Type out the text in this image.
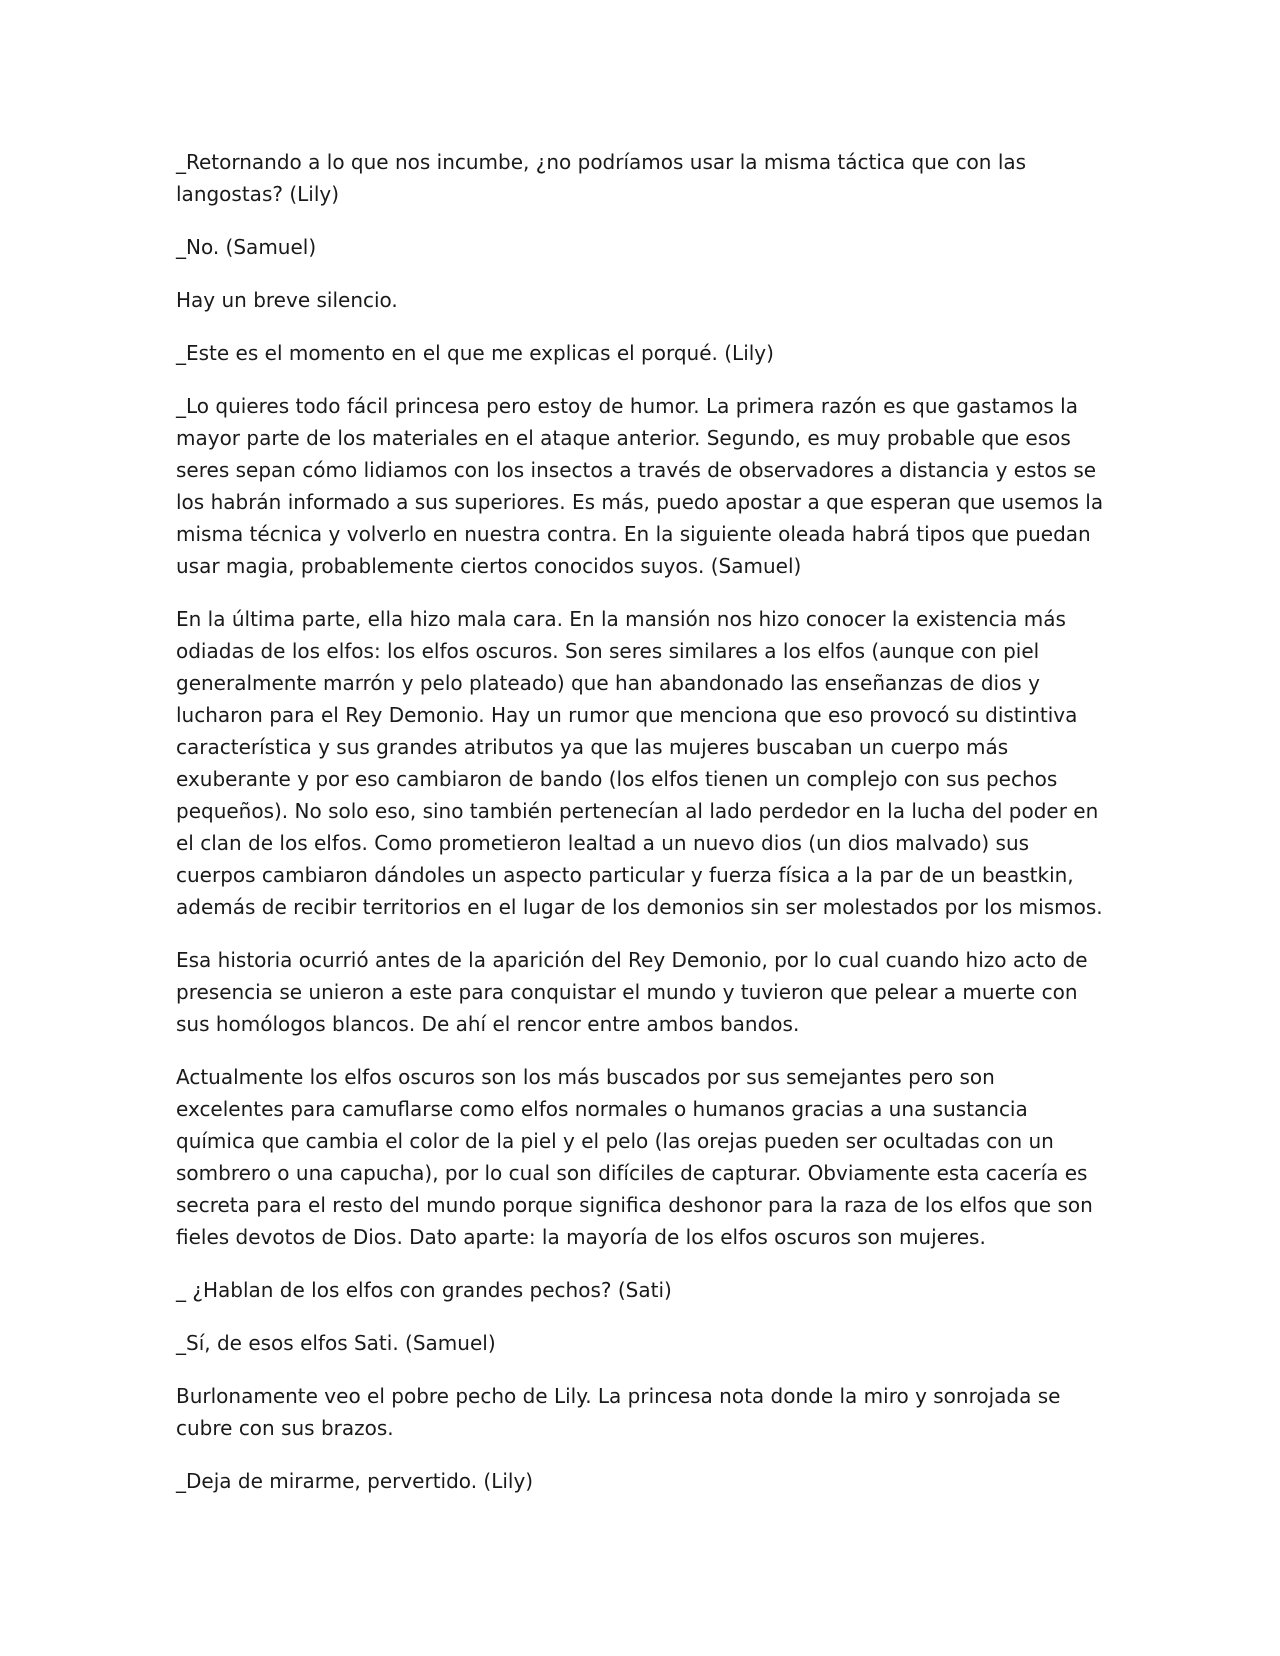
_Retornando a lo que nos incumbe, ¿no podríamos usar la misma táctica que con las langostas? (Lily)

_No. (Samuel)

Hay un breve silencio.

_Este es el momento en el que me explicas el porqué. (Lily)

_Lo quieres todo fácil princesa pero estoy de humor. La primera razón es que gastamos la mayor parte de los materiales en el ataque anterior. Segundo, es muy probable que esos seres sepan cómo lidiamos con los insectos a través de observadores a distancia y estos se los habrán informado a sus superiores. Es más, puedo apostar a que esperan que usemos la misma técnica y volverlo en nuestra contra. En la siguiente oleada habrá tipos que puedan usar magia, probablemente ciertos conocidos suyos. (Samuel)

En la última parte, ella hizo mala cara. En la mansión nos hizo conocer la existencia más odiadas de los elfos: los elfos oscuros. Son seres similares a los elfos (aunque con piel generalmente marrón y pelo plateado) que han abandonado las enseñanzas de dios y lucharon para el Rey Demonio. Hay un rumor que menciona que eso provocó su distintiva característica y sus grandes atributos ya que las mujeres buscaban un cuerpo más exuberante y por eso cambiaron de bando (los elfos tienen un complejo con sus pechos pequeños). No solo eso, sino también pertenecían al lado perdedor en la lucha del poder en el clan de los elfos. Como prometieron lealtad a un nuevo dios (un dios malvado) sus cuerpos cambiaron dándoles un aspecto particular y fuerza física a la par de un beastkin, además de recibir territorios en el lugar de los demonios sin ser molestados por los mismos.

Esa historia ocurrió antes de la aparición del Rey Demonio, por lo cual cuando hizo acto de presencia se unieron a este para conquistar el mundo y tuvieron que pelear a muerte con sus homólogos blancos. De ahí el rencor entre ambos bandos.

Actualmente los elfos oscuros son los más buscados por sus semejantes pero son excelentes para camuflarse como elfos normales o humanos gracias a una sustancia química que cambia el color de la piel y el pelo (las orejas pueden ser ocultadas con un sombrero o una capucha), por lo cual son difíciles de capturar. Obviamente esta cacería es secreta para el resto del mundo porque significa deshonor para la raza de los elfos que son fieles devotos de Dios. Dato aparte: la mayoría de los elfos oscuros son mujeres.

_ ¿Hablan de los elfos con grandes pechos? (Sati)

_Sí, de esos elfos Sati. (Samuel)

Burlonamente veo el pobre pecho de Lily. La princesa nota donde la miro y sonrojada se cubre con sus brazos.

_Deja de mirarme, pervertido. (Lily)
